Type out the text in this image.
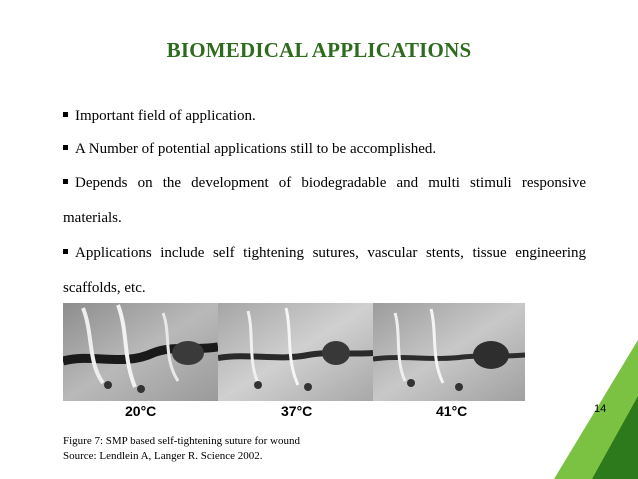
BIOMEDICAL APPLICATIONS
Important field of application.
A Number of potential applications still to be accomplished.
Depends on the development of biodegradable and multi stimuli responsive materials.
Applications include self tightening sutures, vascular stents, tissue engineering scaffolds, etc.
20°C	37°C	41°C
Figure 7: SMP based self-tightening suture for wound
Source: Lendlein A, Langer R. Science 2002.
14
